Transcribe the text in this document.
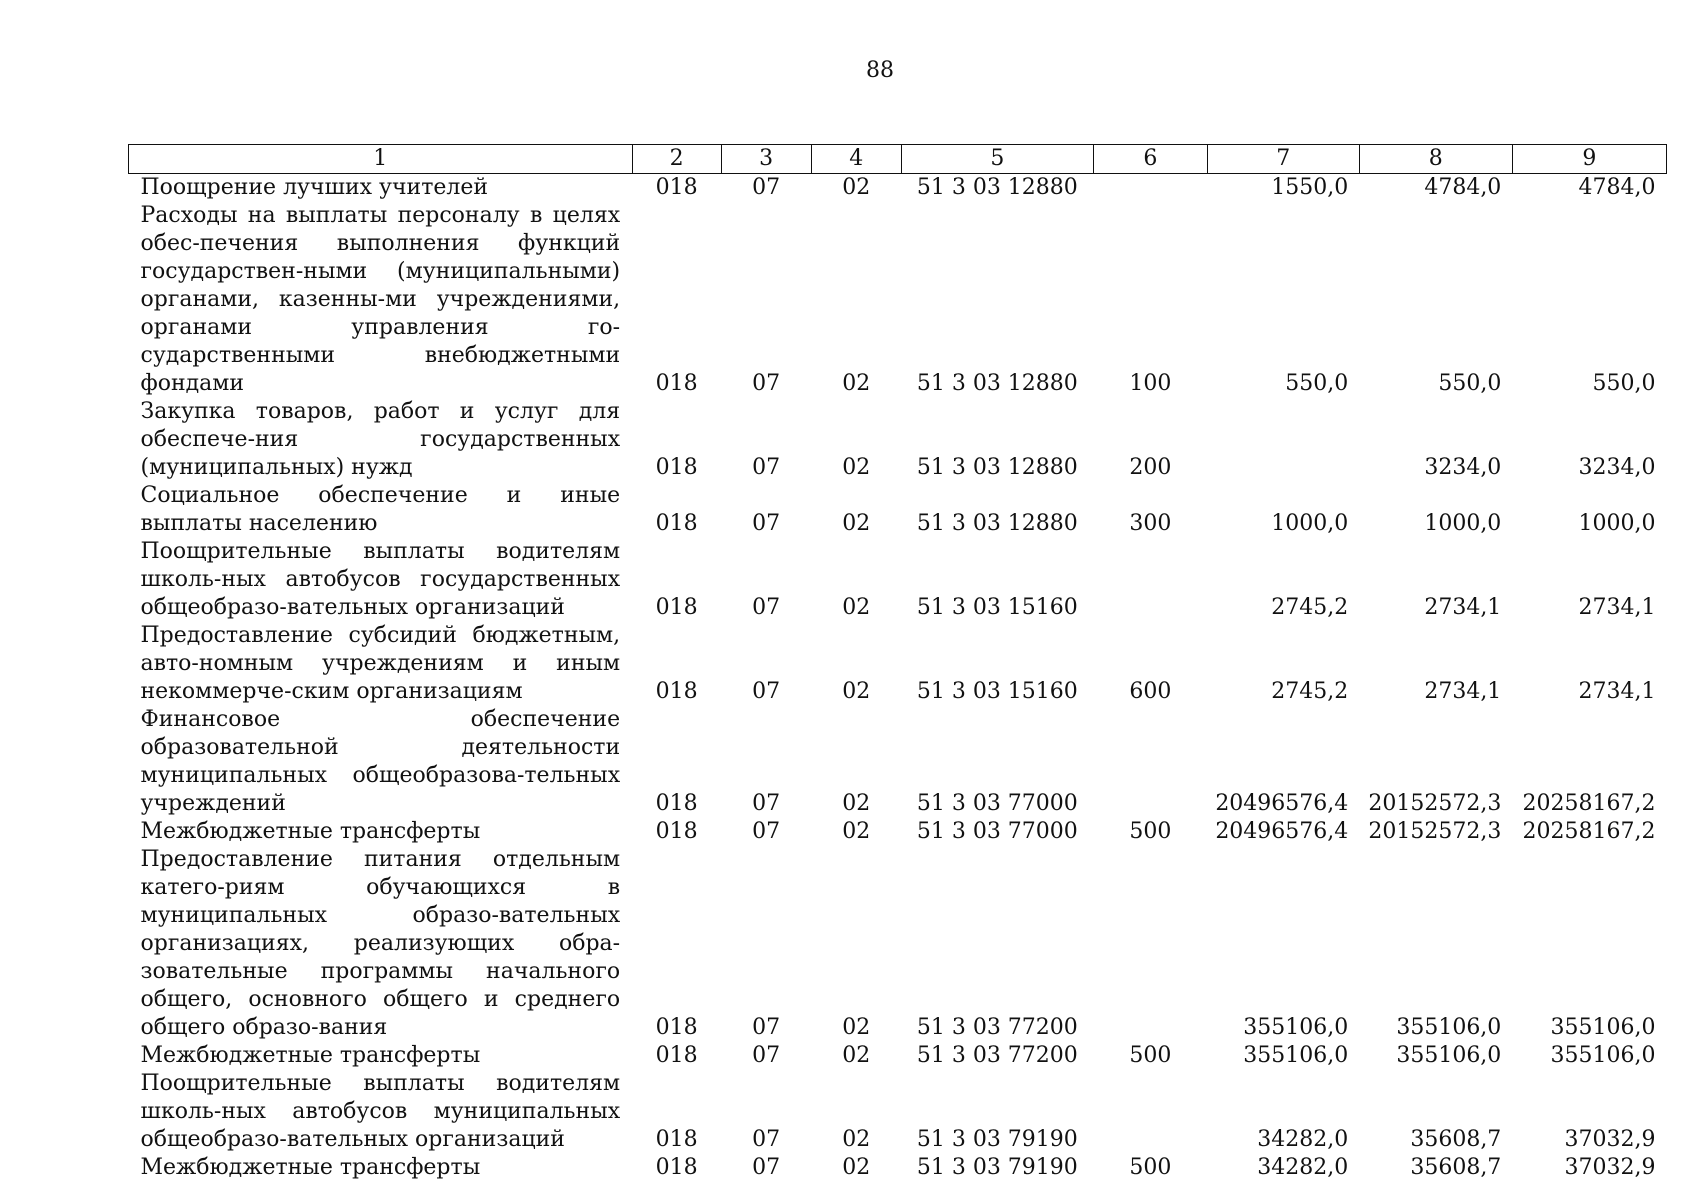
88
1	2	3	4	5	6	7	8	9
Поощрение лучших учителей	018	07	02	51 3 03 12880		1550,0	4784,0	4784,0
Расходы на выплаты персоналу в целях обес-печения выполнения функций государствен-ными (муниципальными) органами, казенны-ми учреждениями, органами управления го-сударственными внебюджетными фондами	018	07	02	51 3 03 12880	100	550,0	550,0	550,0
Закупка товаров, работ и услуг для обеспече-ния государственных (муниципальных) нужд	018	07	02	51 3 03 12880	200		3234,0	3234,0
Социальное обеспечение и иные выплаты населению	018	07	02	51 3 03 12880	300	1000,0	1000,0	1000,0
Поощрительные выплаты водителям школь-ных автобусов государственных общеобразо-вательных организаций	018	07	02	51 3 03 15160		2745,2	2734,1	2734,1
Предоставление субсидий бюджетным, авто-номным учреждениям и иным некоммерче-ским организациям	018	07	02	51 3 03 15160	600	2745,2	2734,1	2734,1
Финансовое обеспечение образовательной деятельности муниципальных общеобразова-тельных учреждений	018	07	02	51 3 03 77000		20496576,4	20152572,3	20258167,2
Межбюджетные трансферты	018	07	02	51 3 03 77000	500	20496576,4	20152572,3	20258167,2
Предоставление питания отдельным катего-риям обучающихся в муниципальных образо-вательных организациях, реализующих обра-зовательные программы начального общего, основного общего и среднего общего образо-вания	018	07	02	51 3 03 77200		355106,0	355106,0	355106,0
Межбюджетные трансферты	018	07	02	51 3 03 77200	500	355106,0	355106,0	355106,0
Поощрительные выплаты водителям школь-ных автобусов муниципальных общеобразо-вательных организаций	018	07	02	51 3 03 79190		34282,0	35608,7	37032,9
Межбюджетные трансферты	018	07	02	51 3 03 79190	500	34282,0	35608,7	37032,9
